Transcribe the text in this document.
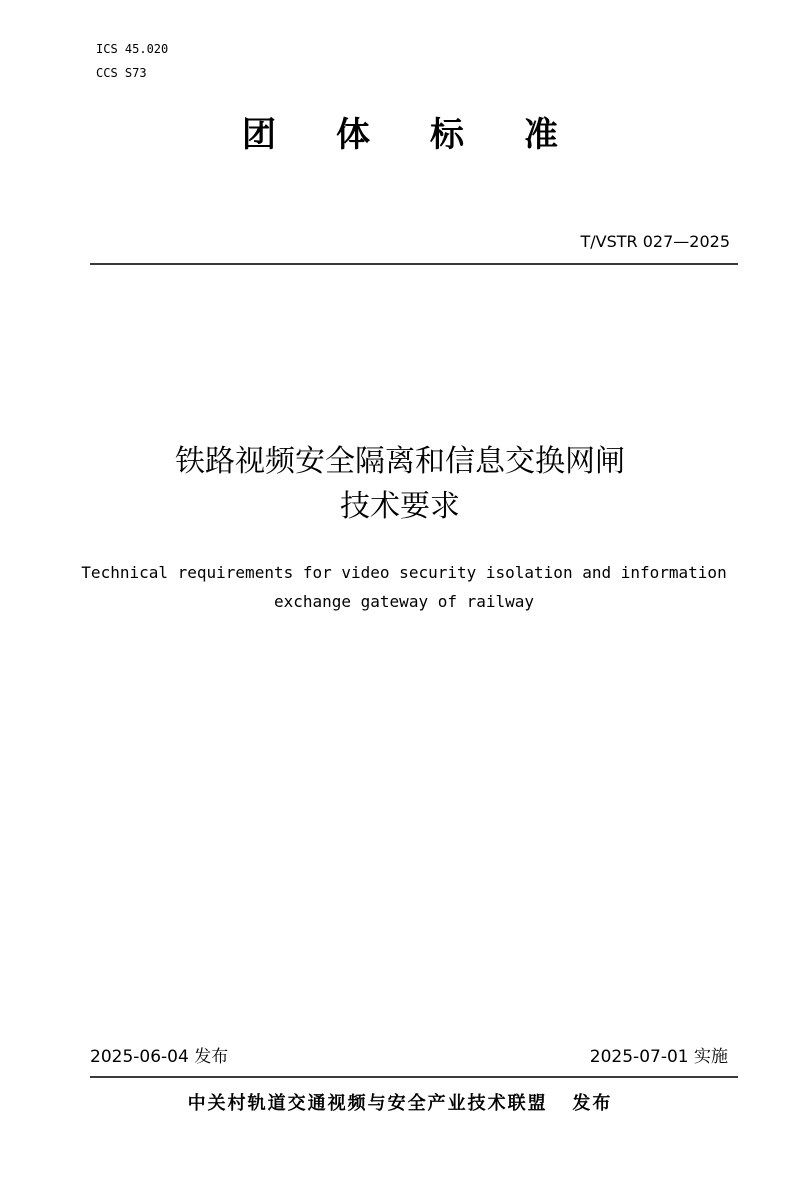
ICS 45.020
CCS S73
团体标准
T/VSTR 027—2025
铁路视频安全隔离和信息交换网闸
技术要求
Technical requirements for video security isolation and information
exchange gateway of railway
2025-06-04 发布	2025-07-01 实施
中关村轨道交通视频与安全产业技术联盟   发布
